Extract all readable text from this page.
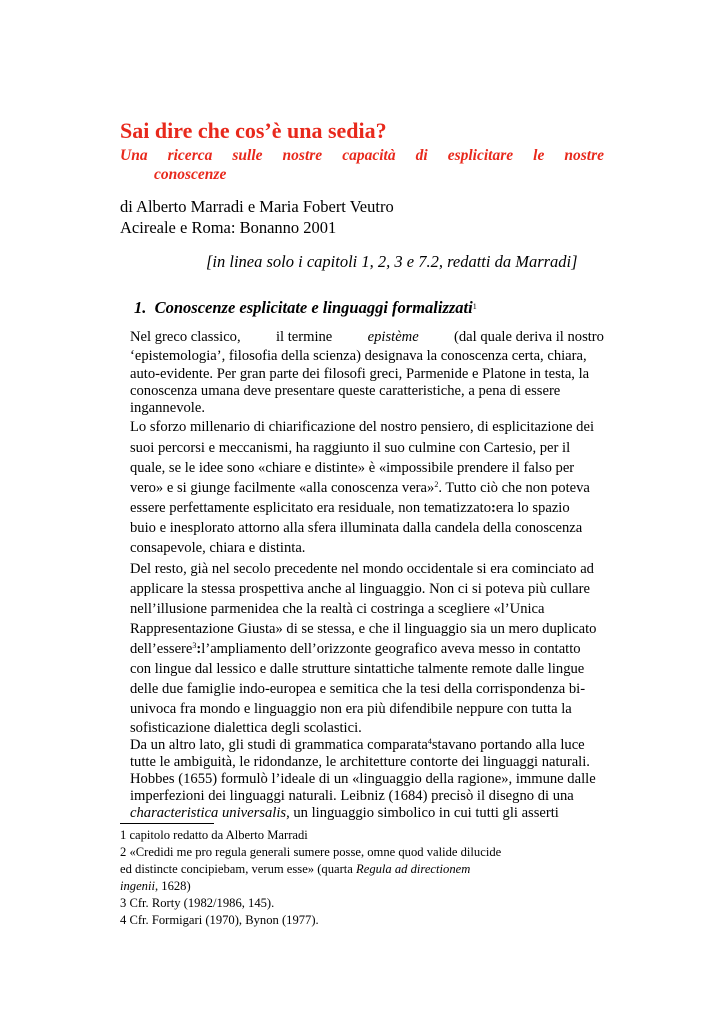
Sai dire che cos’è una sedia?
Una ricerca sulle nostre capacità di esplicitare le nostre
conoscenze
di Alberto Marradi e Maria Fobert Veutro
Acireale e Roma: Bonanno 2001
[in linea solo i capitoli 1, 2, 3 e 7.2, redatti da Marradi]
1. Conoscenze esplicitate e linguaggi formalizzati$^1$
Nel greco classico, il termine epistème (dal quale deriva il nostro
‘epistemologia’, filosofia della scienza) designava la conoscenza certa, chiara,
auto-evidente. Per gran parte dei filosofi greci, Parmenide e Platone in testa, la
conoscenza umana deve presentare queste caratteristiche, a pena di essere
ingannevole.
Lo sforzo millenario di chiarificazione del nostro pensiero, di esplicitazione dei
suoi percorsi e meccanismi, ha raggiunto il suo culmine con Cartesio, per il
quale, se le idee sono «chiare e distinte» è «impossibile prendere il falso per
vero» e si giunge facilmente «alla conoscenza vera» 2 . Tutto ciò che non poteva
essere perfettamente esplicitato era residuale, non tematizzato : era lo spazio
buio e inesplorato attorno alla sfera illuminata dalla candela della conoscenza
consapevole, chiara e distinta.
Del resto, già nel secolo precedente nel mondo occidentale si era cominciato ad
applicare la stessa prospettiva anche al linguaggio. Non ci si poteva più cullare
nell’illusione parmenidea che la realtà ci costringa a scegliere «l’Unica
Rappresentazione Giusta» di se stessa, e che il linguaggio sia un mero duplicato
dell’essere 3 : l’ampliamento dell’orizzonte geografico aveva messo in contatto
con lingue dal lessico e dalle strutture sintattiche talmente remote dalle lingue
delle due famiglie indo-europea e semitica che la tesi della corrispondenza bi-
univoca fra mondo e linguaggio non era più difendibile neppure con tutta la
sofisticazione dialettica degli scolastici.
Da un altro lato, gli studi di grammatica comparata 4 stavano portando alla luce
tutte le ambiguità, le ridondanze, le architetture contorte dei linguaggi naturali.
Hobbes (1655) formulò l’ideale di un «linguaggio della ragione», immune dalle
imperfezioni dei linguaggi naturali. Leibniz (1684) precisò il disegno di una
characteristica universalis , un linguaggio simbolico in cui tutti gli asserti
1 capitolo redatto da Alberto Marradi
2 «Credidi me pro regula generali sumere posse, omne quod valide dilucide
ed distincte concipiebam, verum esse» (quarta Regula ad directionem
ingenii, 1628)
3 Cfr. Rorty (1982/1986, 145).
4 Cfr. Formigari (1970), Bynon (1977).
